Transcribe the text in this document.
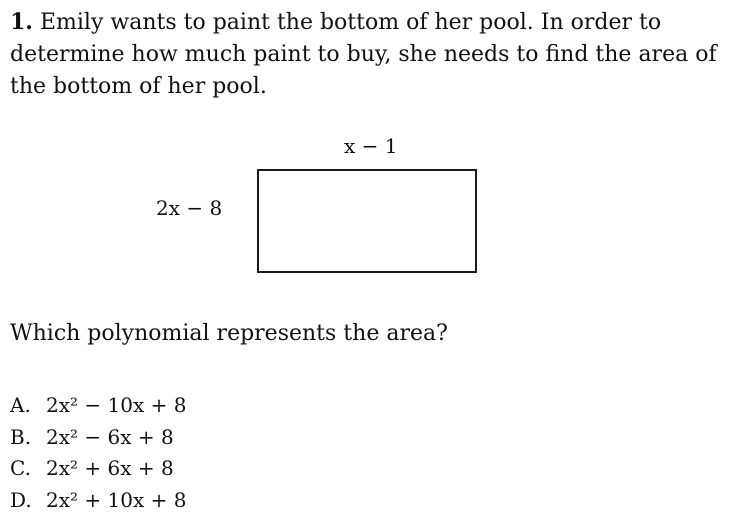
1. Emily wants to paint the bottom of her pool. In order to determine how much paint to buy, she needs to find the area of the bottom of her pool.

x − 1
2x − 8

Which polynomial represents the area?

A. 2x² − 10x + 8
B. 2x² − 6x + 8
C. 2x² + 6x + 8
D. 2x² + 10x + 8
